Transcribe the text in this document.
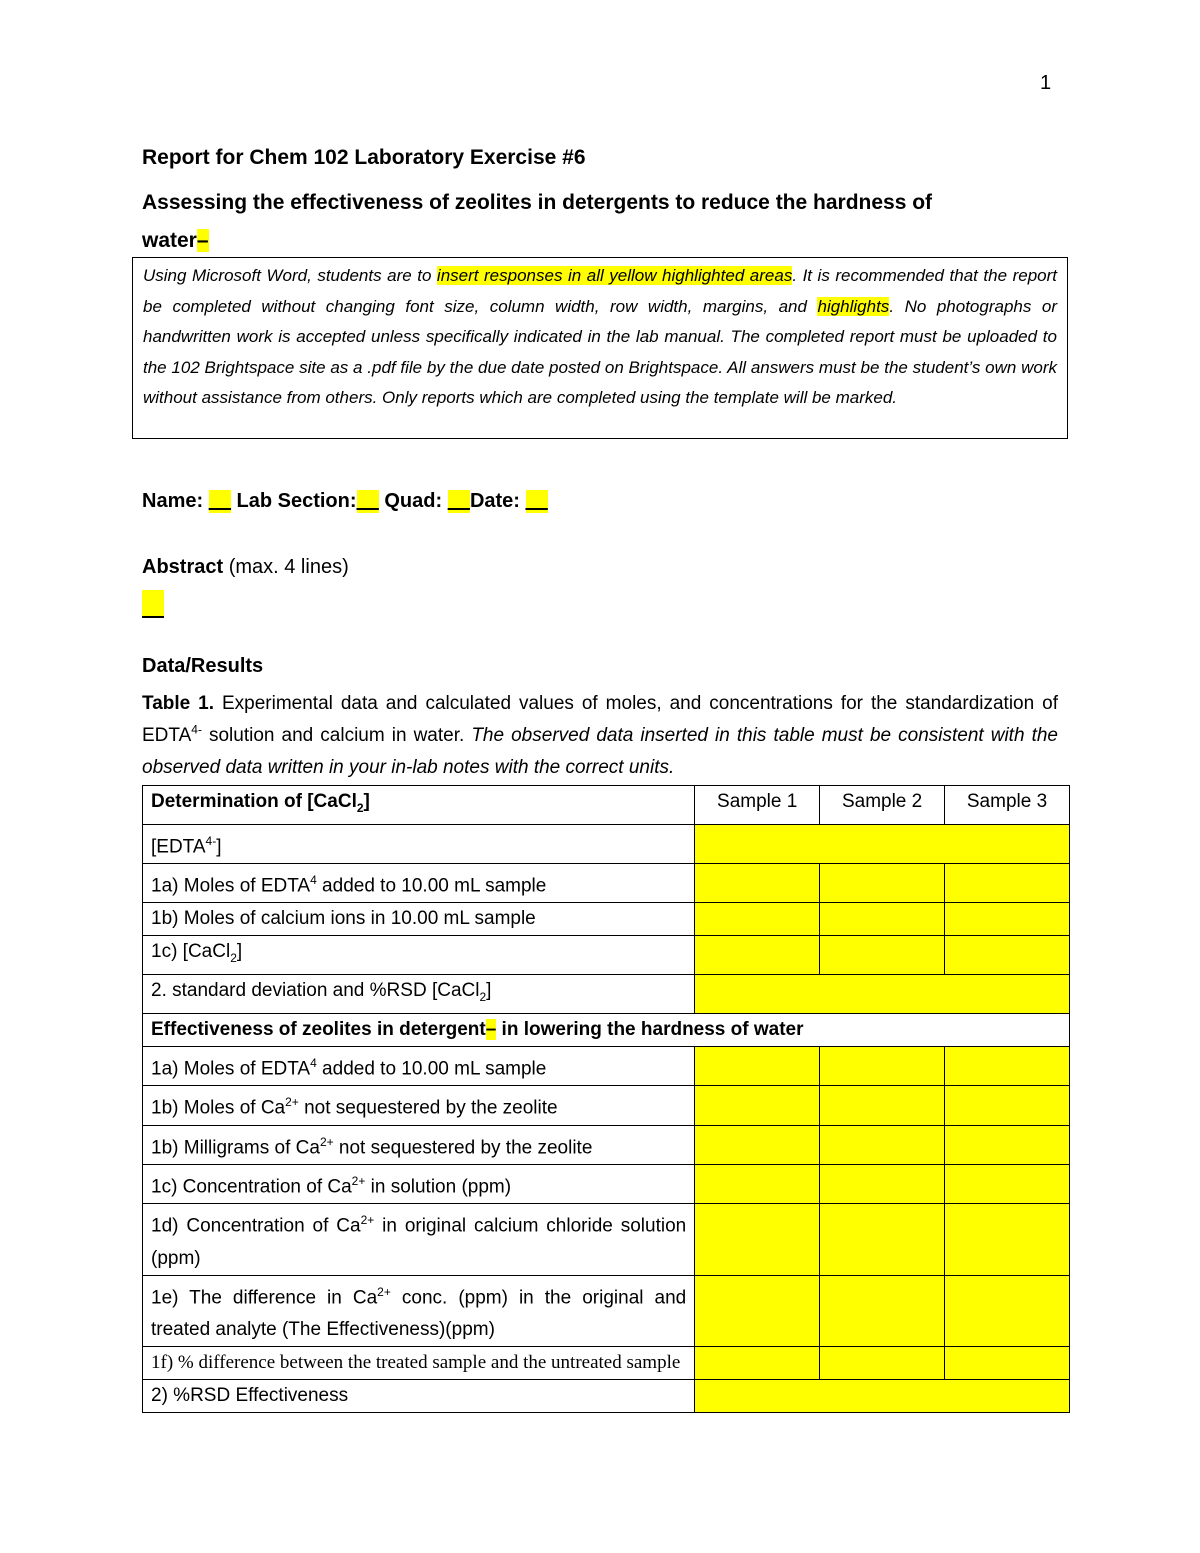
1
Report for Chem 102 Laboratory Exercise #6
Assessing the effectiveness of zeolites in detergents to reduce the hardness of
water–
Using Microsoft Word, students are to insert responses in all yellow highlighted areas. It is recommended that the report be completed without changing font size, column width, row width, margins, and highlights. No photographs or handwritten work is accepted unless specifically indicated in the lab manual. The completed report must be uploaded to the 102 Brightspace site as a .pdf file by the due date posted on Brightspace. All answers must be the student’s own work without assistance from others. Only reports which are completed using the template will be marked.
Name: __ Lab Section:__ Quad: __Date: __
Abstract (max. 4 lines)
Data/Results
Table 1. Experimental data and calculated values of moles, and concentrations for the standardization of $EDTA^{4-}$ solution and calcium in water. The observed data inserted in this table must be consistent with the observed data written in your in-lab notes with the correct units.
Determination of [CaCl$_2$]	Sample 1	Sample 2	Sample 3
$[EDTA^{4-}]$			
1a) Moles of EDTA$^4$ added to 10.00 mL sample			
1b) Moles of calcium ions in 10.00 mL sample			
1c) [CaCl$_2$]			
2. standard deviation and %RSD [CaCl$_2$]			
Effectiveness of zeolites in detergent– in lowering the hardness of water			
1a) Moles of EDTA$^4$ added to 10.00 mL sample			
1b) Moles of $Ca^{2+}$ not sequestered by the zeolite			
1b) Milligrams of $Ca^{2+}$ not sequestered by the zeolite			
1c) Concentration of $Ca^{2+}$ in solution (ppm)			
1d) Concentration of $Ca^{2+}$ in original calcium chloride solution (ppm)			
1e) The difference in $Ca^{2+}$ conc. (ppm) in the original and treated analyte (The Effectiveness)(ppm)			
1f) % difference between the treated sample and the untreated sample			
2) %RSD Effectiveness			
